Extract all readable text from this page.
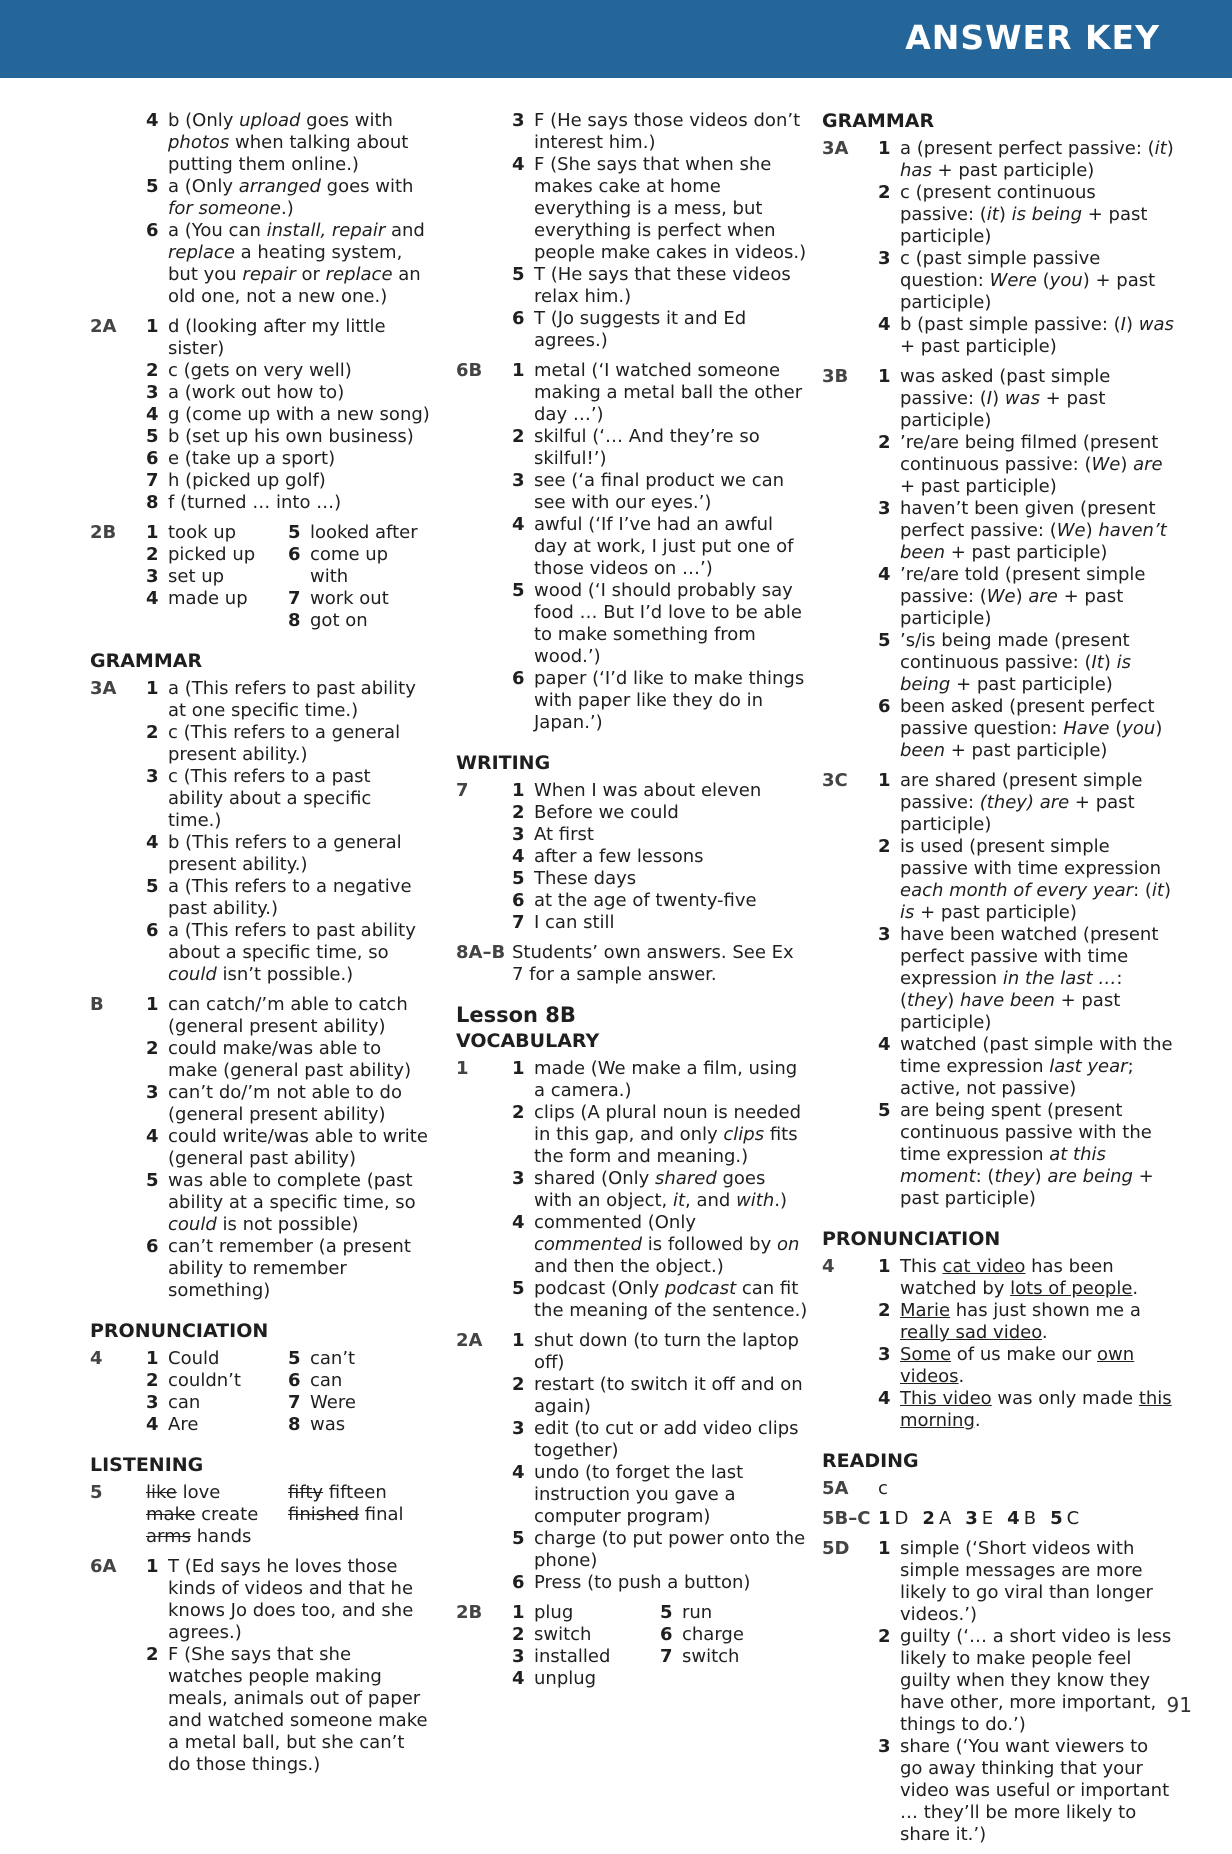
ANSWER KEY
4 b (Only upload goes with photos when talking about putting them online.)
5 a (Only arranged goes with for someone.)
6 a (You can install, repair and replace a heating system, but you repair or replace an old one, not a new one.)
2A 1 d (looking after my little sister)
2 c (gets on very well)
3 a (work out how to)
4 g (come up with a new song)
5 b (set up his own business)
6 e (take up a sport)
7 h (picked up golf)
8 f (turned … into …)
2B 1 took up
2 picked up
3 set up
4 made up
5 looked after
6 come up with
7 work out
8 got on
GRAMMAR
3A 1 a (This refers to past ability at one specific time.)
2 c (This refers to a general present ability.)
3 c (This refers to a past ability about a specific time.)
4 b (This refers to a general present ability.)
5 a (This refers to a negative past ability.)
6 a (This refers to past ability about a specific time, so could isn’t possible.)
B 1 can catch/’m able to catch (general present ability)
2 could make/was able to make (general past ability)
3 can’t do/’m not able to do (general present ability)
4 could write/was able to write (general past ability)
5 was able to complete (past ability at a specific time, so could is not possible)
6 can’t remember (a present ability to remember something)
PRONUNCIATION
4 1 Could
2 couldn’t
3 can
4 Are
5 can’t
6 can
7 Were
8 was
LISTENING
5 like love
make create
arms hands
fifty fifteen
finished final
6A 1 T (Ed says he loves those kinds of videos and that he knows Jo does too, and she agrees.)
2 F (She says that she watches people making meals, animals out of paper and watched someone make a metal ball, but she can’t do those things.)
3 F (He says those videos don’t interest him.)
4 F (She says that when she makes cake at home everything is a mess, but everything is perfect when people make cakes in videos.)
5 T (He says that these videos relax him.)
6 T (Jo suggests it and Ed agrees.)
6B 1 metal (‘I watched someone making a metal ball the other day …’)
2 skilful (‘… And they’re so skilful!’)
3 see (‘a final product we can see with our eyes.’)
4 awful (‘If I’ve had an awful day at work, I just put one of those videos on …’)
5 wood (‘I should probably say food … But I’d love to be able to make something from wood.’)
6 paper (‘I’d like to make things with paper like they do in Japan.’)
WRITING
7 1 When I was about eleven
2 Before we could
3 At first
4 after a few lessons
5 These days
6 at the age of twenty-five
7 I can still
8A–B Students’ own answers. See Ex 7 for a sample answer.
Lesson 8B
VOCABULARY
1 1 made (We make a film, using a camera.)
2 clips (A plural noun is needed in this gap, and only clips fits the form and meaning.)
3 shared (Only shared goes with an object, it, and with.)
4 commented (Only commented is followed by on and then the object.)
5 podcast (Only podcast can fit the meaning of the sentence.)
2A 1 shut down (to turn the laptop off)
2 restart (to switch it off and on again)
3 edit (to cut or add video clips together)
4 undo (to forget the last instruction you gave a computer program)
5 charge (to put power onto the phone)
6 Press (to push a button)
2B 1 plug
2 switch
3 installed
4 unplug
5 run
6 charge
7 switch
GRAMMAR
3A 1 a (present perfect passive: (it) has + past participle)
2 c (present continuous passive: (it) is being + past participle)
3 c (past simple passive question: Were (you) + past participle)
4 b (past simple passive: (I) was + past participle)
3B 1 was asked (past simple passive: (I) was + past participle)
2 ’re/are being filmed (present continuous passive: (We) are + past participle)
3 haven’t been given (present perfect passive: (We) haven’t been + past participle)
4 ’re/are told (present simple passive: (We) are + past participle)
5 ’s/is being made (present continuous passive: (It) is being + past participle)
6 been asked (present perfect passive question: Have (you) been + past participle)
3C 1 are shared (present simple passive: (they) are + past participle)
2 is used (present simple passive with time expression each month of every year: (it) is + past participle)
3 have been watched (present perfect passive with time expression in the last …: (they) have been + past participle)
4 watched (past simple with the time expression last year; active, not passive)
5 are being spent (present continuous passive with the time expression at this moment: (they) are being + past participle)
PRONUNCIATION
4 1 This cat video has been watched by lots of people.
2 Marie has just shown me a really sad video.
3 Some of us make our own videos.
4 This video was only made this morning.
READING
5A c
5B–C 1 D 2 A 3 E 4 B 5 C
5D 1 simple (‘Short videos with simple messages are more likely to go viral than longer videos.’)
2 guilty (‘… a short video is less likely to make people feel guilty when they know they have other, more important, things to do.’)
3 share (‘You want viewers to go away thinking that your video was useful or important … they’ll be more likely to share it.’)
91
